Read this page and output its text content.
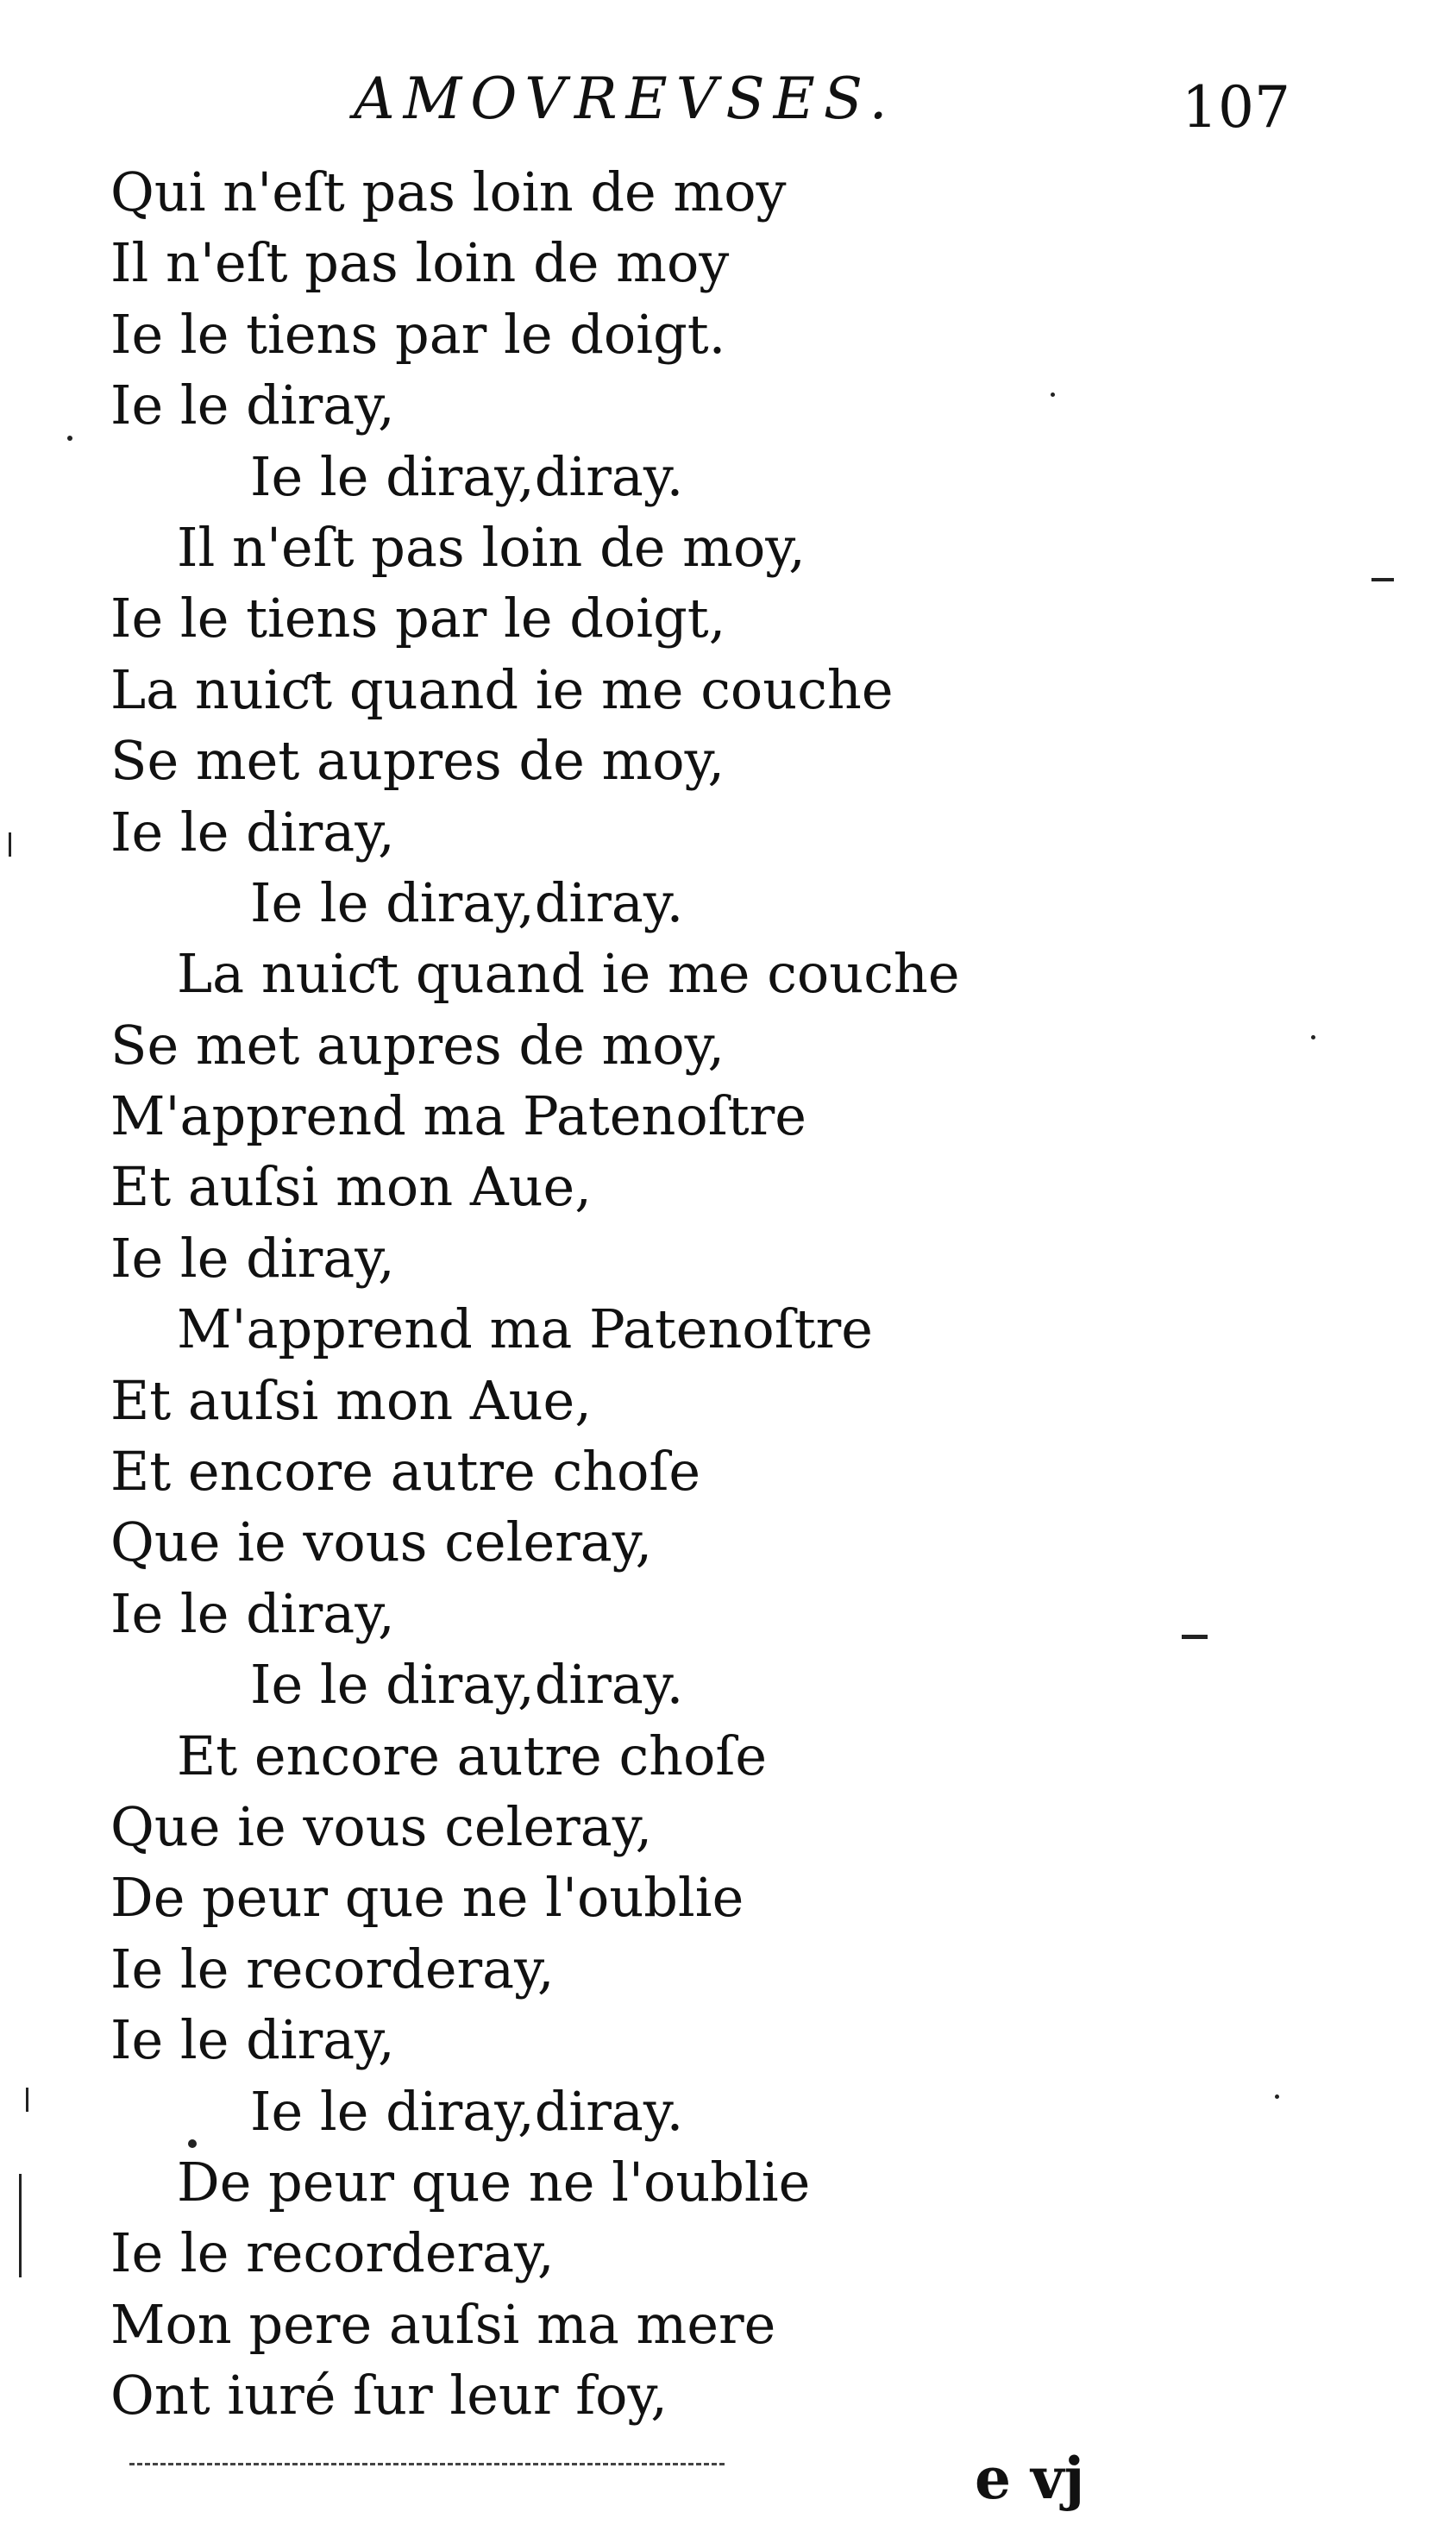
AMOVREVSES.	107
Qui n'eſt pas loin de moy
Il n'eſt pas loin de moy
Ie le tiens par le doigt.
Ie le diray,
Ie le diray,diray.
Il n'eſt pas loin de moy,
Ie le tiens par le doigt,
La nuiƈt quand ie me couche
Se met aupres de moy,
Ie le diray,
Ie le diray,diray.
La nuiƈt quand ie me couche
Se met aupres de moy,
M'apprend ma Patenoſtre
Et auſsi mon Aue,
Ie le diray,
M'apprend ma Patenoſtre
Et auſsi mon Aue,
Et encore autre choſe
Que ie vous celeray,
Ie le diray,
Ie le diray,diray.
Et encore autre choſe
Que ie vous celeray,
De peur que ne l'oublie
Ie le recorderay,
Ie le diray,
Ie le diray,diray.
De peur que ne l'oublie
Ie le recorderay,
Mon pere auſsi ma mere
Ont iuré ſur leur foy,
e vj
